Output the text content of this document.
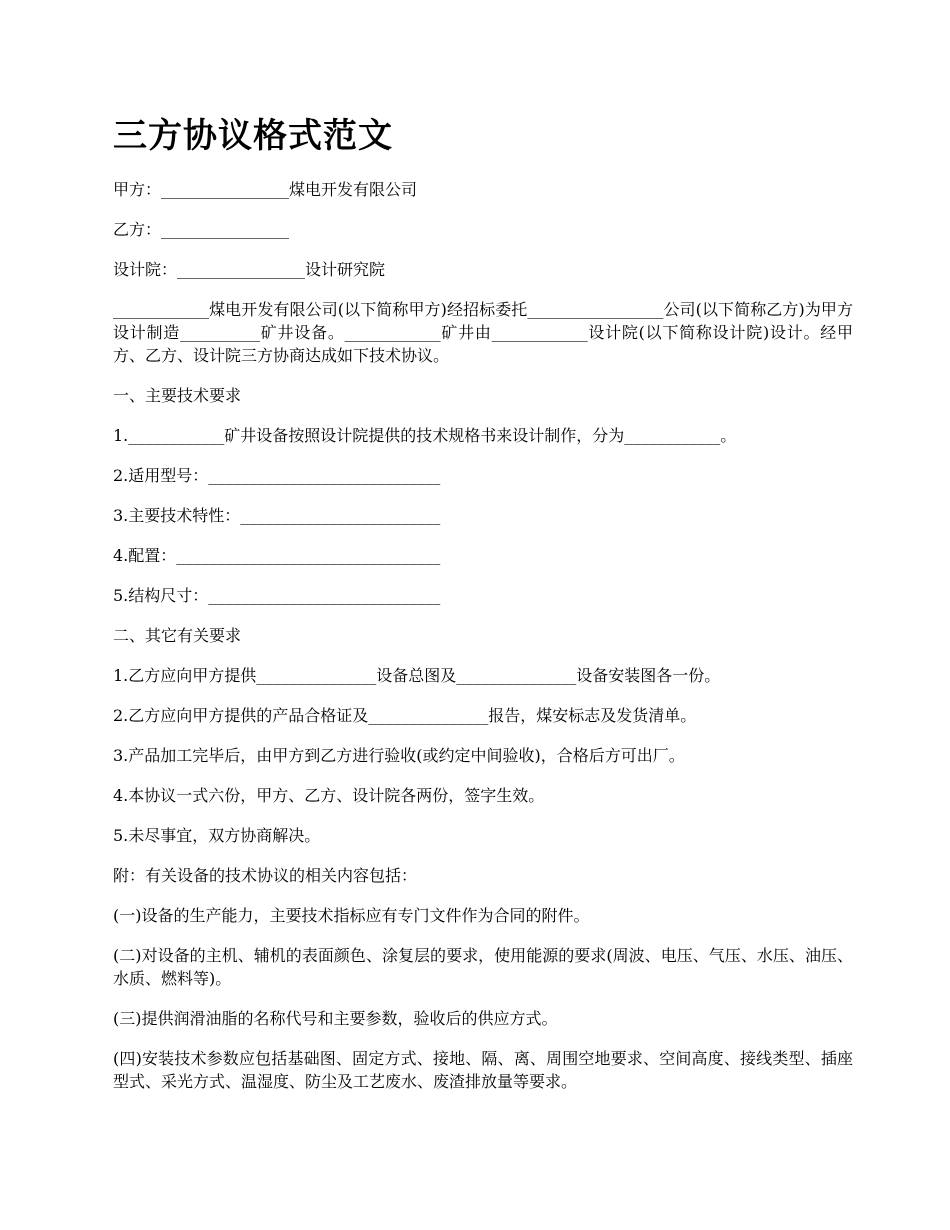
三方协议格式范文

甲方：________________煤电开发有限公司

乙方：________________

设计院：________________设计研究院

____________煤电开发有限公司(以下简称甲方)经招标委托_________________公司(以下简称乙方)为甲方设计制造__________矿井设备。____________矿井由____________设计院(以下简称设计院)设计。经甲方、乙方、设计院三方协商达成如下技术协议。

一、主要技术要求

1.____________矿井设备按照设计院提供的技术规格书来设计制作，分为____________。

2.适用型号：_____________________________

3.主要技术特性：_________________________

4.配置：_________________________________

5.结构尺寸：_____________________________

二、其它有关要求

1.乙方应向甲方提供_______________设备总图及_______________设备安装图各一份。

2.乙方应向甲方提供的产品合格证及_______________报告，煤安标志及发货清单。

3.产品加工完毕后，由甲方到乙方进行验收(或约定中间验收)，合格后方可出厂。

4.本协议一式六份，甲方、乙方、设计院各两份，签字生效。

5.未尽事宜，双方协商解决。

附：有关设备的技术协议的相关内容包括：

(一)设备的生产能力，主要技术指标应有专门文件作为合同的附件。

(二)对设备的主机、辅机的表面颜色、涂复层的要求，使用能源的要求(周波、电压、气压、水压、油压、水质、燃料等)。

(三)提供润滑油脂的名称代号和主要参数，验收后的供应方式。

(四)安装技术参数应包括基础图、固定方式、接地、隔、离、周围空地要求、空间高度、接线类型、插座型式、采光方式、温湿度、防尘及工艺废水、废渣排放量等要求。
